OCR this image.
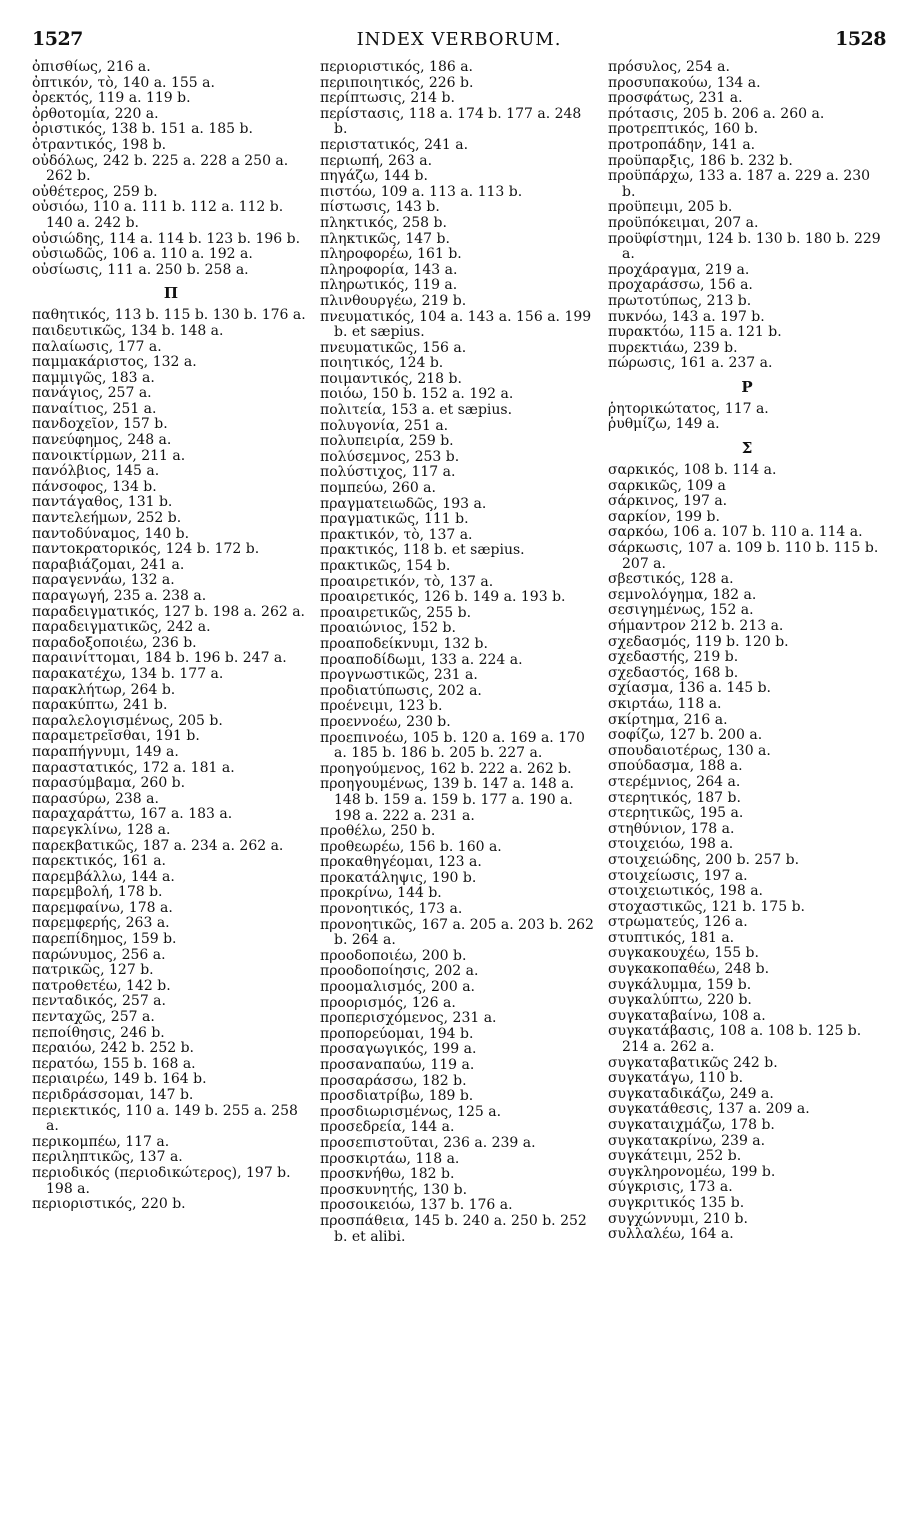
1527	INDEX VERBORUM.	1528
ὀπισθίως, 216 a.
ὀπτικόν, τὸ, 140 a. 155 a.
ὀρεκτός, 119 a. 119 b.
ὀρθοτομία, 220 a.
ὁριστικός, 138 b. 151 a. 185 b.
ὀτραντικός, 198 b.
οὐδόλως, 242 b. 225 a. 228 a 250 a. 262 b.
οὐθέτερος, 259 b.
οὐσιόω, 110 a. 111 b. 112 a. 112 b. 140 a. 242 b.
οὐσιώδης, 114 a. 114 b. 123 b. 196 b.
οὐσιωδῶς, 106 a. 110 a. 192 a.
οὐσίωσις, 111 a. 250 b. 258 a.
Π
παθητικός, 113 b. 115 b. 130 b. 176 a.
παιδευτικῶς, 134 b. 148 a.
παλαίωσις, 177 a.
παμμακάριστος, 132 a.
παμμιγῶς, 183 a.
πανάγιος, 257 a.
παναίτιος, 251 a.
πανδοχεῖον, 157 b.
πανεύφημος, 248 a.
πανοικτίρμων, 211 a.
πανόλβιος, 145 a.
πάνσοφος, 134 b.
παντάγαθος, 131 b.
παντελεήμων, 252 b.
παντοδύναμος, 140 b.
παντοκρατορικός, 124 b. 172 b.
παραβιάζομαι, 241 a.
παραγεννάω, 132 a.
παραγωγή, 235 a. 238 a.
παραδειγματικός, 127 b. 198 a. 262 a.
παραδειγματικῶς, 242 a.
παραδοξοποιέω, 236 b.
παραινίττομαι, 184 b. 196 b. 247 a.
παρακατέχω, 134 b. 177 a.
παρακλήτωρ, 264 b.
παρακύπτω, 241 b.
παραλελογισμένως, 205 b.
παραμετρεῖσθαι, 191 b.
παραπήγνυμι, 149 a.
παραστατικός, 172 a. 181 a.
παρασύμβαμα, 260 b.
παρασύρω, 238 a.
παραχαράττω, 167 a. 183 a.
παρεγκλίνω, 128 a.
παρεκβατικῶς, 187 a. 234 a. 262 a.
παρεκτικός, 161 a.
παρεμβάλλω, 144 a.
παρεμβολή, 178 b.
παρεμφαίνω, 178 a.
παρεμφερής, 263 a.
παρεπίδημος, 159 b.
παρώνυμος, 256 a.
πατρικῶς, 127 b.
πατροθετέω, 142 b.
πενταδικός, 257 a.
πενταχῶς, 257 a.
πεποίθησις, 246 b.
περαιόω, 242 b. 252 b.
περατόω, 155 b. 168 a.
περιαιρέω, 149 b. 164 b.
περιδράσσομαι, 147 b.
περιεκτικός, 110 a. 149 b. 255 a. 258 a.
περικομπέω, 117 a.
περιληπτικῶς, 137 a.
περιοδικός (περιοδικώτερος), 197 b. 198 a.
περιοριστικός, 220 b.
περιοριστικός, 186 a.
περιποιητικός, 226 b.
περίπτωσις, 214 b.
περίστασις, 118 a. 174 b. 177 a. 248 b.
περιστατικός, 241 a.
περιωπή, 263 a.
πηγάζω, 144 b.
πιστόω, 109 a. 113 a. 113 b.
πίστωσις, 143 b.
πληκτικός, 258 b.
πληκτικῶς, 147 b.
πληροφορέω, 161 b.
πληροφορία, 143 a.
πληρωτικός, 119 a.
πλινθουργέω, 219 b.
πνευματικός, 104 a. 143 a. 156 a. 199 b. et sæpius.
πνευματικῶς, 156 a.
ποιητικός, 124 b.
ποιμαντικός, 218 b.
ποιόω, 150 b. 152 a. 192 a.
πολιτεία, 153 a. et sæpius.
πολυγονία, 251 a.
πολυπειρία, 259 b.
πολύσεμνος, 253 b.
πολύστιχος, 117 a.
πομπεύω, 260 a.
πραγματειωδῶς, 193 a.
πραγματικῶς, 111 b.
πρακτικόν, τὸ, 137 a.
πρακτικός, 118 b. et sæpius.
πρακτικῶς, 154 b.
προαιρετικόν, τὸ, 137 a.
προαιρετικός, 126 b. 149 a. 193 b.
προαιρετικῶς, 255 b.
προαιώνιος, 152 b.
προαποδείκνυμι, 132 b.
προαποδίδωμι, 133 a. 224 a.
προγνωστικῶς, 231 a.
προδιατύπωσις, 202 a.
προένειμι, 123 b.
προεννοέω, 230 b.
προεπινοέω, 105 b. 120 a. 169 a. 170 a. 185 b. 186 b. 205 b. 227 a.
προηγούμενος, 162 b. 222 a. 262 b.
προηγουμένως, 139 b. 147 a. 148 a. 148 b. 159 a. 159 b. 177 a. 190 a. 198 a. 222 a. 231 a.
προθέλω, 250 b.
προθεωρέω, 156 b. 160 a.
προκαθηγέομαι, 123 a.
προκατάληψις, 190 b.
προκρίνω, 144 b.
προνοητικός, 173 a.
προνοητικῶς, 167 a. 205 a. 203 b. 262 b. 264 a.
προοδοποιέω, 200 b.
προοδοποίησις, 202 a.
προομαλισμός, 200 a.
προορισμός, 126 a.
προπερισχόμενος, 231 a.
προπορεύομαι, 194 b.
προσαγωγικός, 199 a.
προσαναπαύω, 119 a.
προσαράσσω, 182 b.
προσδιατρίβω, 189 b.
προσδιωρισμένως, 125 a.
προσεδρεία, 144 a.
προσεπιστοῦται, 236 a. 239 a.
προσκιρτάω, 118 a.
προσκνήθω, 182 b.
προσκυνητής, 130 b.
προσοικειόω, 137 b. 176 a.
προσπάθεια, 145 b. 240 a. 250 b. 252 b. et alibi.
πρόσυλος, 254 a.
προσυπακούω, 134 a.
προσφάτως, 231 a.
πρότασις, 205 b. 206 a. 260 a.
προτρεπτικός, 160 b.
προτροπάδην, 141 a.
προϋπαρξις, 186 b. 232 b.
προϋπάρχω, 133 a. 187 a. 229 a. 230 b.
προϋπειμι, 205 b.
προϋπόκειμαι, 207 a.
προϋφίστημι, 124 b. 130 b. 180 b. 229 a.
προχάραγμα, 219 a.
προχαράσσω, 156 a.
πρωτοτύπως, 213 b.
πυκνόω, 143 a. 197 b.
πυρακτόω, 115 a. 121 b.
πυρεκτιάω, 239 b.
πώρωσις, 161 a. 237 a.
Ρ
ῥητορικώτατος, 117 a.
ῥυθμίζω, 149 a.
Σ
σαρκικός, 108 b. 114 a.
σαρκικῶς, 109 a
σάρκινος, 197 a.
σαρκίον, 199 b.
σαρκόω, 106 a. 107 b. 110 a. 114 a.
σάρκωσις, 107 a. 109 b. 110 b. 115 b. 207 a.
σβεστικός, 128 a.
σεμνολόγημα, 182 a.
σεσιγημένως, 152 a.
σήμαντρον 212 b. 213 a.
σχεδασμός, 119 b. 120 b.
σχεδαστής, 219 b.
σχεδαστός, 168 b.
σχίασμα, 136 a. 145 b.
σκιρτάω, 118 a.
σκίρτημα, 216 a.
σοφίζω, 127 b. 200 a.
σπουδαιοτέρως, 130 a.
σπούδασμα, 188 a.
στερέμνιος, 264 a.
στερητικός, 187 b.
στερητικῶς, 195 a.
στηθύνιον, 178 a.
στοιχειόω, 198 a.
στοιχειώδης, 200 b. 257 b.
στοιχείωσις, 197 a.
στοιχειωτικός, 198 a.
στοχαστικῶς, 121 b. 175 b.
στρωματεύς, 126 a.
στυπτικός, 181 a.
συγκακουχέω, 155 b.
συγκακοπαθέω, 248 b.
συγκάλυμμα, 159 b.
συγκαλύπτω, 220 b.
συγκαταβαίνω, 108 a.
συγκατάβασις, 108 a. 108 b. 125 b. 214 a. 262 a.
συγκαταβατικῶς 242 b.
συγκατάγω, 110 b.
συγκαταδικάζω, 249 a.
συγκατάθεσις, 137 a. 209 a.
συγκαταιχμάζω, 178 b.
συγκατακρίνω, 239 a.
συγκάτειμι, 252 b.
συγκληρονομέω, 199 b.
σύγκρισις, 173 a.
συγκριτικός 135 b.
συγχώννυμι, 210 b.
συλλαλέω, 164 a.
